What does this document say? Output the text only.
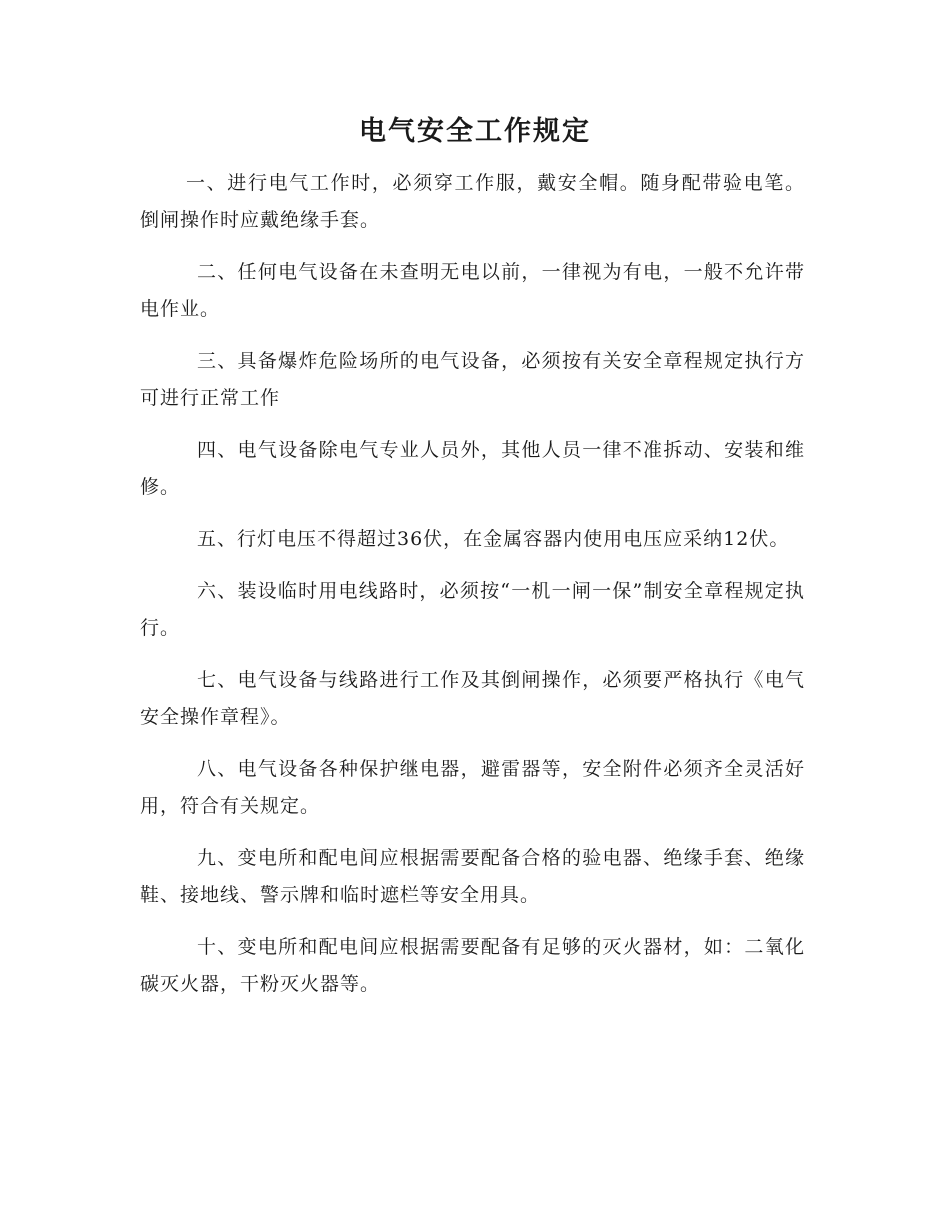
电气安全工作规定
一、进行电气工作时，必须穿工作服，戴安全帽。随身配带验电笔。倒闸操作时应戴绝缘手套。
二、任何电气设备在未查明无电以前，一律视为有电，一般不允许带电作业。
三、具备爆炸危险场所的电气设备，必须按有关安全章程规定执行方可进行正常工作
四、电气设备除电气专业人员外，其他人员一律不准拆动、安装和维修。
五、行灯电压不得超过36伏，在金属容器内使用电压应采纳12伏。
六、装设临时用电线路时，必须按“一机一闸一保”制安全章程规定执行。
七、电气设备与线路进行工作及其倒闸操作，必须要严格执行《电气安全操作章程》。
八、电气设备各种保护继电器，避雷器等，安全附件必须齐全灵活好用，符合有关规定。
九、变电所和配电间应根据需要配备合格的验电器、绝缘手套、绝缘鞋、接地线、警示牌和临时遮栏等安全用具。
十、变电所和配电间应根据需要配备有足够的灭火器材，如：二氧化碳灭火器，干粉灭火器等。
